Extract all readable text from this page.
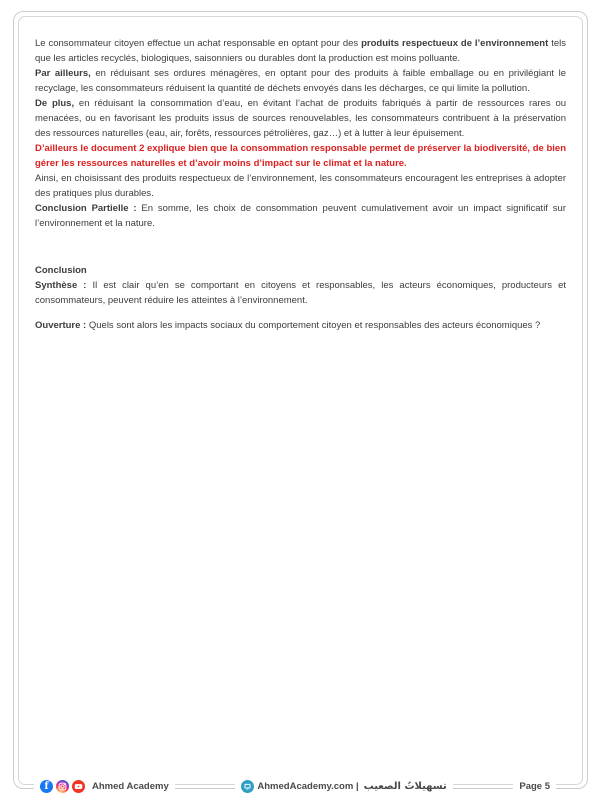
Le consommateur citoyen effectue un achat responsable en optant pour des produits respectueux de l’environnement tels que les articles recyclés, biologiques, saisonniers ou durables dont la production est moins polluante.

Par ailleurs, en réduisant ses ordures ménagères, en optant pour des produits à faible emballage ou en privilégiant le recyclage, les consommateurs réduisent la quantité de déchets envoyés dans les décharges, ce qui limite la pollution.

De plus, en réduisant la consommation d’eau, en évitant l’achat de produits fabriqués à partir de ressources rares ou menacées, ou en favorisant les produits issus de sources renouvelables, les consommateurs contribuent à la préservation des ressources naturelles (eau, air, forêts, ressources pétrolières, gaz…) et à lutter à leur épuisement.

D’ailleurs le document 2 explique bien que la consommation responsable permet de préserver la biodiversité, de bien gérer les ressources naturelles et d’avoir moins d’impact sur le climat et la nature.

Ainsi, en choisissant des produits respectueux de l’environnement, les consommateurs encouragent les entreprises à adopter des pratiques plus durables.

Conclusion Partielle : En somme, les choix de consommation peuvent cumulativement avoir un impact significatif sur l’environnement et la nature.

Conclusion

Synthèse : Il est clair qu’en se comportant en citoyens et responsables, les acteurs économiques, producteurs et consommateurs, peuvent réduire les atteintes à l’environnement.

Ouverture : Quels sont alors les impacts sociaux du comportement citoyen et responsables des acteurs économiques ?

f	Ahmed Academy	AhmedAcademy.com | تسهيلاتُ الصعيب	Page 5
